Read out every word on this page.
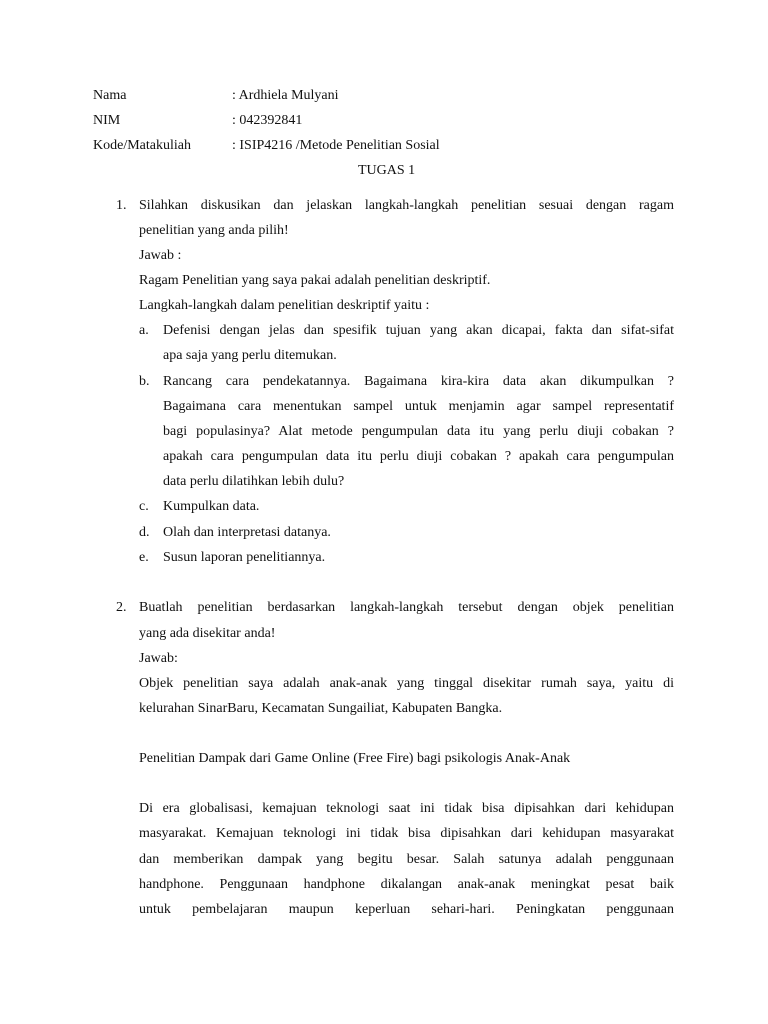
Nama	: Ardhiela Mulyani
NIM	: 042392841
Kode/Matakuliah	: ISIP4216 /Metode Penelitian Sosial
TUGAS 1
1. Silahkan diskusikan dan jelaskan langkah-langkah penelitian sesuai dengan ragam
penelitian yang anda pilih!
Jawab :
Ragam Penelitian yang saya pakai adalah penelitian deskriptif.
Langkah-langkah dalam penelitian deskriptif yaitu :
a. Defenisi dengan jelas dan spesifik tujuan yang akan dicapai, fakta dan sifat-sifat
apa saja yang perlu ditemukan.
b. Rancang cara pendekatannya. Bagaimana kira-kira data akan dikumpulkan ?
Bagaimana cara menentukan sampel untuk menjamin agar sampel representatif
bagi populasinya? Alat metode pengumpulan data itu yang perlu diuji cobakan ?
apakah cara pengumpulan data itu perlu diuji cobakan ? apakah cara pengumpulan
data perlu dilatihkan lebih dulu?
c. Kumpulkan data.
d. Olah dan interpretasi datanya.
e. Susun laporan penelitiannya.
2. Buatlah penelitian berdasarkan langkah-langkah tersebut dengan objek penelitian
yang ada disekitar anda!
Jawab:
Objek penelitian saya adalah anak-anak yang tinggal disekitar rumah saya, yaitu di
kelurahan SinarBaru, Kecamatan Sungailiat, Kabupaten Bangka.
Penelitian Dampak dari Game Online (Free Fire) bagi psikologis Anak-Anak
Di era globalisasi, kemajuan teknologi saat ini tidak bisa dipisahkan dari kehidupan
masyarakat. Kemajuan teknologi ini tidak bisa dipisahkan dari kehidupan masyarakat
dan memberikan dampak yang begitu besar. Salah satunya adalah penggunaan
handphone. Penggunaan handphone dikalangan anak-anak meningkat pesat baik
untuk pembelajaran maupun keperluan sehari-hari. Peningkatan penggunaan
